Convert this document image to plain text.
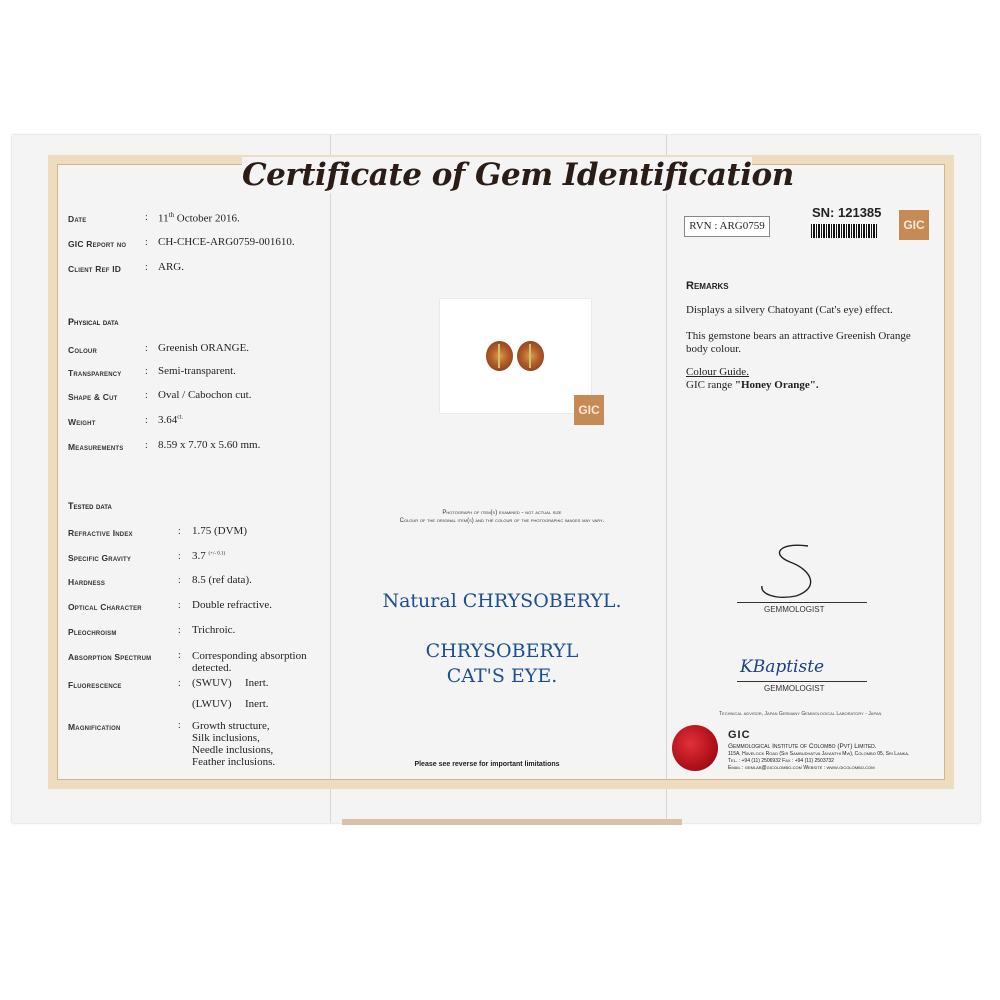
Certificate of Gem Identification
Date	: 11th October 2016.
GIC Report no : CH-CHCE-ARG0759-001610.
Client Ref ID : ARG.
Physical data
Colour	: Greenish ORANGE.
Transparency : Semi-transparent.
Shape & Cut	: Oval / Cabochon cut.
Weight	: $3.64^{ct.}$
Measurements : 8.59 x 7.70 x 5.60 mm.
Tested data
Refractive Index	: 1.75 (DVM)
Specific Gravity	: 3.7 $^{(+/- 0.1)}$
Hardness	: 8.5 (ref data).
Optical Character	: Double refractive.
Pleochroism	: Trichroic.
Absorption Spectrum	: Corresponding absorption detected.
Fluorescence	: (SWUV) Inert.
(LWUV) Inert.
Magnification	: Growth structure,
Silk inclusions,
Needle inclusions,
Feather inclusions.
GIC
Photograph of item(s) examined - not actual size
Colour of the original item(s) and the colour of the photographic images may vary.
Natural CHRYSOBERYL.
CHRYSOBERYL
CAT'S EYE.
Please see reverse for important limitations
RVN : ARG0759
SN: 121385
GIC
Remarks
Displays a silvery Chatoyant (Cat's eye) effect.
This gemstone bears an attractive Greenish Orange body colour.
Colour Guide.
GIC range "Honey Orange".
GEMMOLOGIST
KBaptiste
GEMMOLOGIST
Technical advisor, Japan Germany Gemmological Laboratory - Japan
GIC
Gemmological Institute of Colombo (Pvt) Limited.
115A, Havelock Road (Sir Sambudhatva Jayanthi Mw), Colombo 05, Sri Lanka.
Tel. : +94 (11) 2506932 Fax : +94 (11) 2503732
Email : gemlab@gicolombo.com Website : www.gicolombo.com
